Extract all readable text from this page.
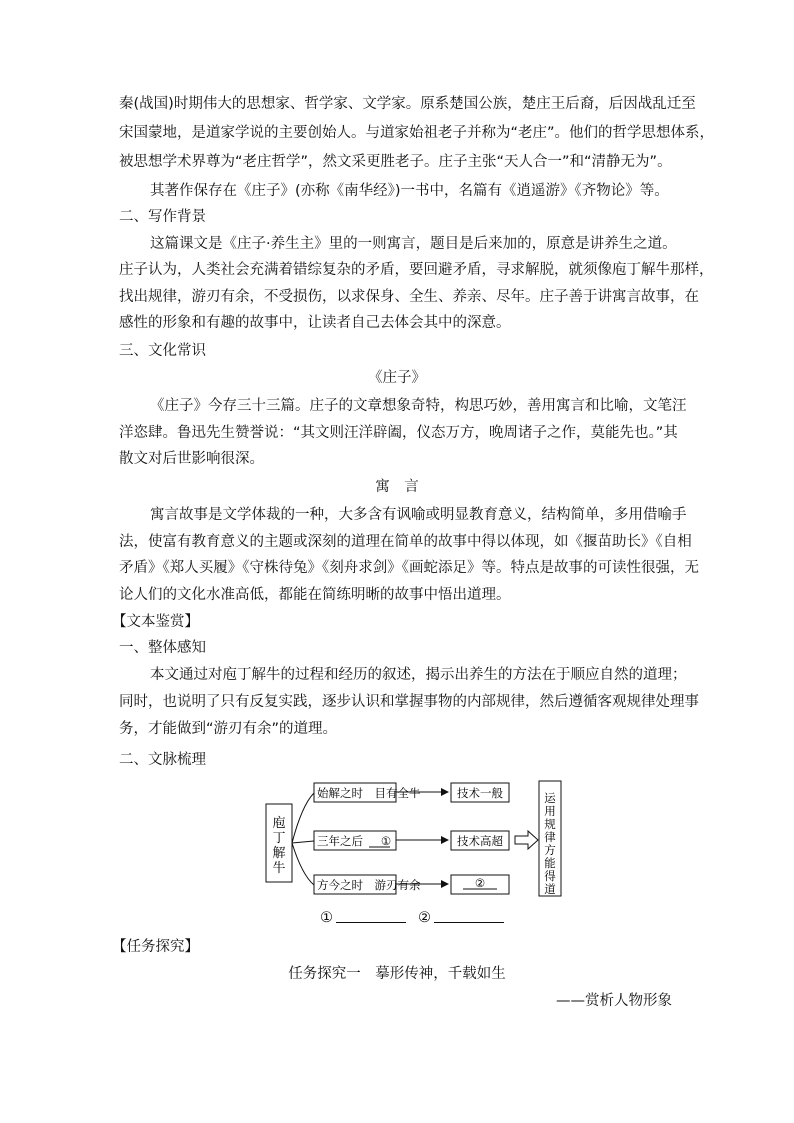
秦(战国)时期伟大的思想家、哲学家、文学家。原系楚国公族，楚庄王后裔，后因战乱迁至
宋国蒙地，是道家学说的主要创始人。与道家始祖老子并称为“老庄”。他们的哲学思想体系，
被思想学术界尊为“老庄哲学”，然文采更胜老子。庄子主张“天人合一”和“清静无为”。
其著作保存在《庄子》(亦称《南华经》)一书中，名篇有《逍遥游》《齐物论》等。
二、写作背景
这篇课文是《庄子·养生主》里的一则寓言，题目是后来加的，原意是讲养生之道。
庄子认为，人类社会充满着错综复杂的矛盾，要回避矛盾，寻求解脱，就须像庖丁解牛那样，
找出规律，游刃有余，不受损伤，以求保身、全生、养亲、尽年。庄子善于讲寓言故事，在
感性的形象和有趣的故事中，让读者自己去体会其中的深意。
三、文化常识
《庄子》
《庄子》今存三十三篇。庄子的文章想象奇特，构思巧妙，善用寓言和比喻，文笔汪
洋恣肆。鲁迅先生赞誉说：“其文则汪洋辟阖，仪态万方，晚周诸子之作，莫能先也。”其
散文对后世影响很深。
寓　言
寓言故事是文学体裁的一种，大多含有讽喻或明显教育意义，结构简单，多用借喻手
法，使富有教育意义的主题或深刻的道理在简单的故事中得以体现，如《揠苗助长》《自相
矛盾》《郑人买履》《守株待兔》《刻舟求剑》《画蛇添足》等。特点是故事的可读性很强，无
论人们的文化水准高低，都能在简练明晰的故事中悟出道理。
【文本鉴赏】
一、整体感知
本文通过对庖丁解牛的过程和经历的叙述，揭示出养生的方法在于顺应自然的道理；
同时，也说明了只有反复实践，逐步认识和掌握事物的内部规律，然后遵循客观规律处理事
务，才能做到“游刃有余”的道理。
二、文脉梳理
庖
丁
解
牛
始解之时　目有全牛
三年之后 ①
方今之时　游刃有余
技术一般
技术高超
②
运
用
规
律
方
能
得
道
①	②
【任务探究】
任务探究一　摹形传神，千载如生
——赏析人物形象
